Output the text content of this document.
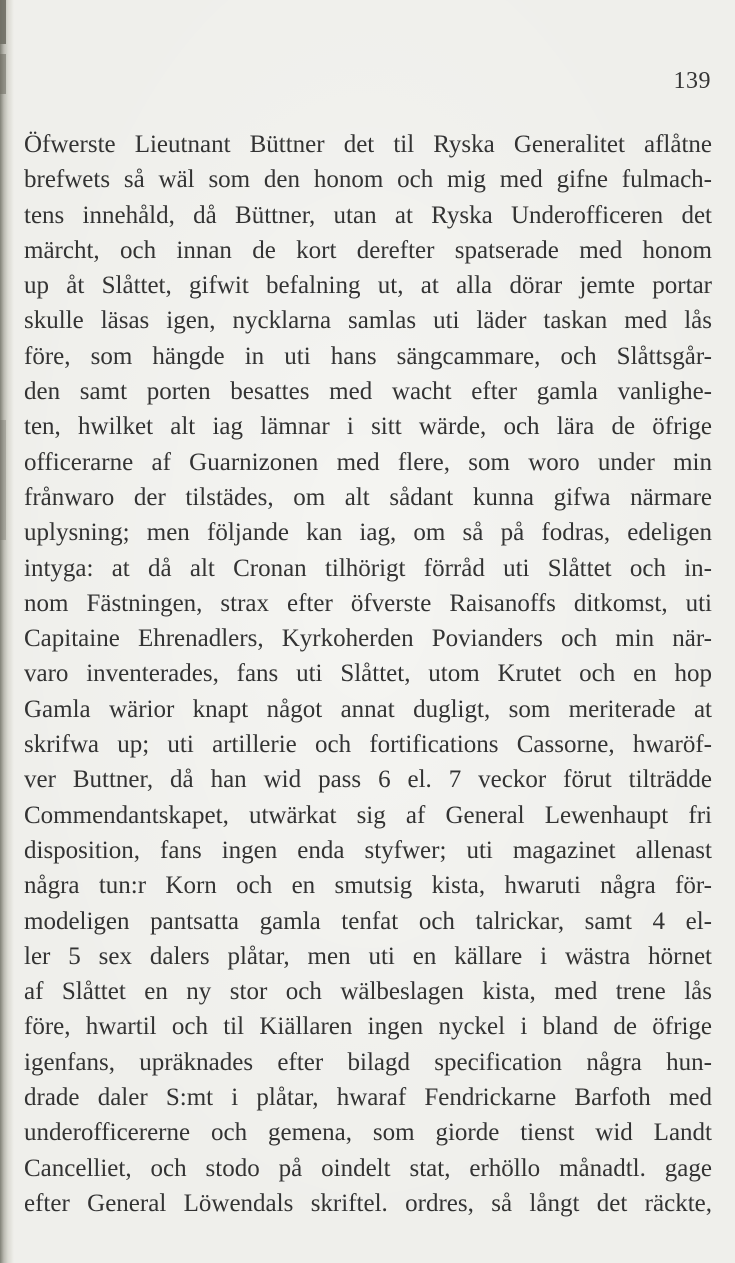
139
Öfwerste Lieutnant Büttner det til Ryska Generalitet aflåtne
brefwets så wäl som den honom och mig med gifne fulmach-
tens innehåld, då Büttner, utan at Ryska Underofficeren det
märcht, och innan de kort derefter spatserade med honom
up åt Slåttet, gifwit befalning ut, at alla dörar jemte portar
skulle läsas igen, nycklarna samlas uti läder taskan med lås
före, som hängde in uti hans sängcammare, och Slåttsgår-
den samt porten besattes med wacht efter gamla vanlighe-
ten, hwilket alt iag lämnar i sitt wärde, och lära de öfrige
officerarne af Guarnizonen med flere, som woro under min
frånwaro der tilstädes, om alt sådant kunna gifwa närmare
uplysning; men följande kan iag, om så på fodras, edeligen
intyga: at då alt Cronan tilhörigt förråd uti Slåttet och in-
nom Fästningen, strax efter öfverste Raisanoffs ditkomst, uti
Capitaine Ehrenadlers, Kyrkoherden Povianders och min när-
varo inventerades, fans uti Slåttet, utom Krutet och en hop
Gamla wärior knapt något annat dugligt, som meriterade at
skrifwa up; uti artillerie och fortifications Cassorne, hwaröf-
ver Buttner, då han wid pass 6 el. 7 veckor förut tilträdde
Commendantskapet, utwärkat sig af General Lewenhaupt fri
disposition, fans ingen enda styfwer; uti magazinet allenast
några tun:r Korn och en smutsig kista, hwaruti några för-
modeligen pantsatta gamla tenfat och talrickar, samt 4 el-
ler 5 sex dalers plåtar, men uti en källare i wästra hörnet
af Slåttet en ny stor och wälbeslagen kista, med trene lås
före, hwartil och til Kiällaren ingen nyckel i bland de öfrige
igenfans, upräknades efter bilagd specification några hun-
drade daler S:mt i plåtar, hwaraf Fendrickarne Barfoth med
underofficererne och gemena, som giorde tienst wid Landt
Cancelliet, och stodo på oindelt stat, erhöllo månadtl. gage
efter General Löwendals skriftel. ordres, så långt det räckte,
